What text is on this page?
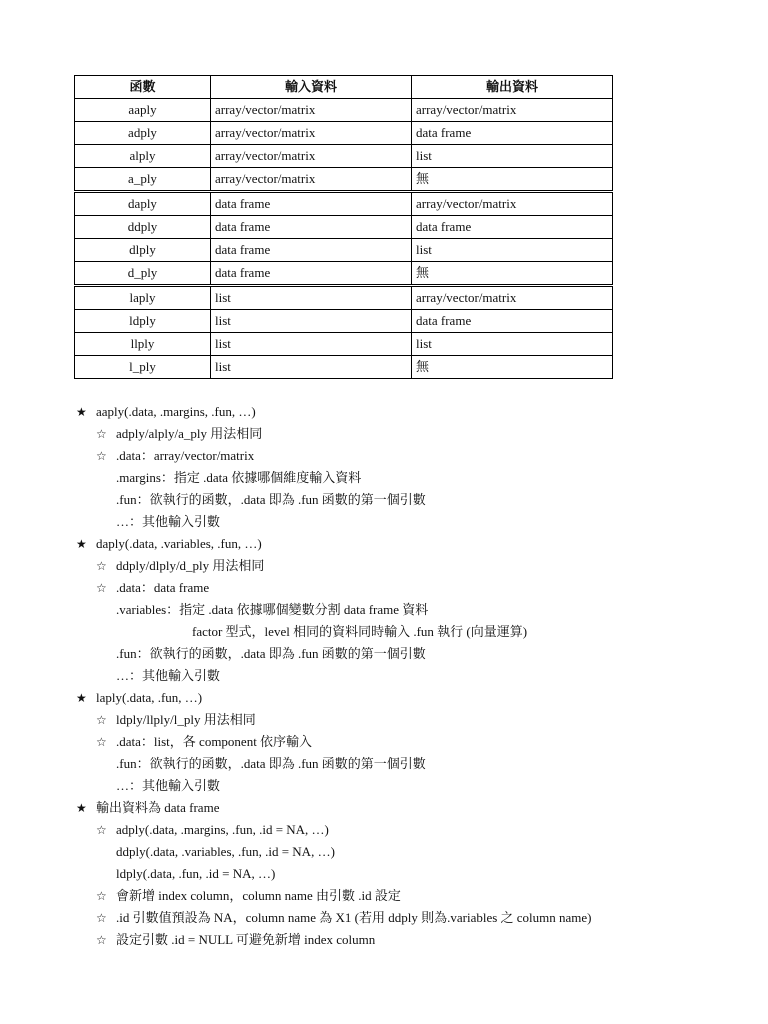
函數	輸入資料	輸出資料
aaply	array/vector/matrix	array/vector/matrix
adply	array/vector/matrix	data frame
alply	array/vector/matrix	list
a_ply	array/vector/matrix	無
daply	data frame	array/vector/matrix
ddply	data frame	data frame
dlply	data frame	list
d_ply	data frame	無
laply	list	array/vector/matrix
ldply	list	data frame
llply	list	list
l_ply	list	無
★ aaply(.data, .margins, .fun, …)
☆ adply/alply/a_ply 用法相同
☆ .data：array/vector/matrix
.margins：指定 .data 依據哪個維度輸入資料
.fun：欲執行的函數，.data 即為 .fun 函數的第一個引數
…：其他輸入引數
★ daply(.data, .variables, .fun, …)
☆ ddply/dlply/d_ply 用法相同
☆ .data：data frame
.variables：指定 .data 依據哪個變數分割 data frame 資料
factor 型式，level 相同的資料同時輸入 .fun 執行 (向量運算)
.fun：欲執行的函數，.data 即為 .fun 函數的第一個引數
…：其他輸入引數
★ laply(.data, .fun, …)
☆ ldply/llply/l_ply 用法相同
☆ .data：list，各 component 依序輸入
.fun：欲執行的函數，.data 即為 .fun 函數的第一個引數
…：其他輸入引數
★ 輸出資料為 data frame
☆ adply(.data, .margins, .fun, .id = NA, …)
ddply(.data, .variables, .fun, .id = NA, …)
ldply(.data, .fun, .id = NA, …)
☆ 會新增 index column，column name 由引數 .id 設定
☆ .id 引數值預設為 NA，column name 為 X1 (若用 ddply 則為.variables 之 column name)
☆ 設定引數 .id = NULL 可避免新增 index column
